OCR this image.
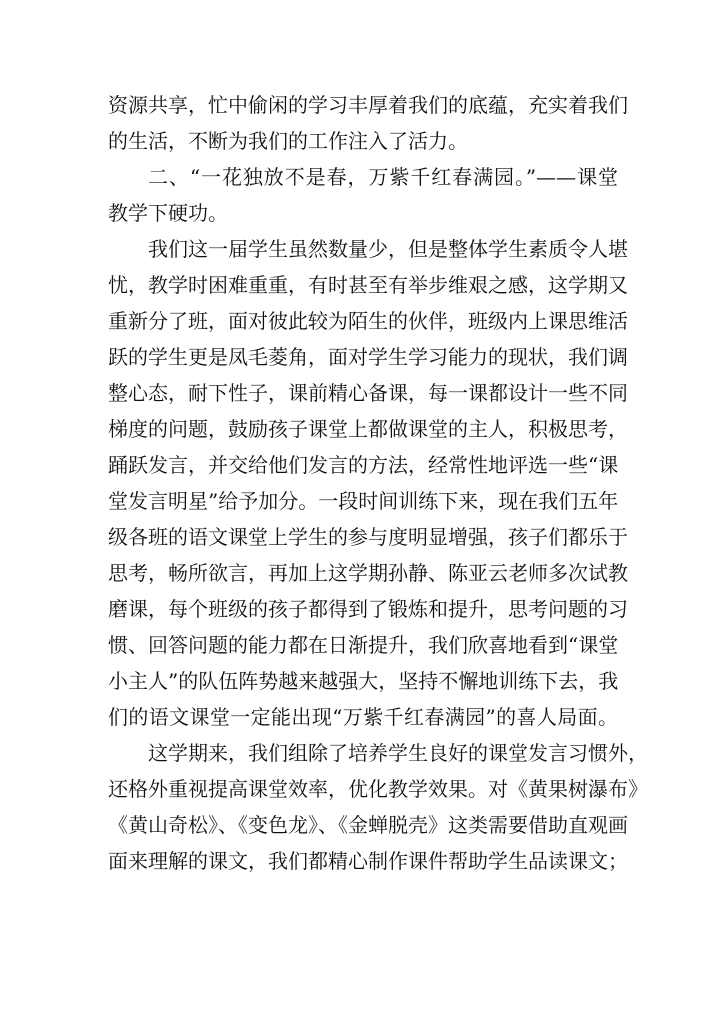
资源共享，忙中偷闲的学习丰厚着我们的底蕴，充实着我们
的生活，不断为我们的工作注入了活力。
二、“一花独放不是春，万紫千红春满园。”——课堂
教学下硬功。
我们这一届学生虽然数量少，但是整体学生素质令人堪
忧，教学时困难重重，有时甚至有举步维艰之感，这学期又
重新分了班，面对彼此较为陌生的伙伴，班级内上课思维活
跃的学生更是凤毛菱角，面对学生学习能力的现状，我们调
整心态，耐下性子，课前精心备课，每一课都设计一些不同
梯度的问题，鼓励孩子课堂上都做课堂的主人，积极思考，
踊跃发言，并交给他们发言的方法，经常性地评选一些“课
堂发言明星”给予加分。一段时间训练下来，现在我们五年
级各班的语文课堂上学生的参与度明显增强，孩子们都乐于
思考，畅所欲言，再加上这学期孙静、陈亚云老师多次试教
磨课，每个班级的孩子都得到了锻炼和提升，思考问题的习
惯、回答问题的能力都在日渐提升，我们欣喜地看到“课堂
小主人”的队伍阵势越来越强大，坚持不懈地训练下去，我
们的语文课堂一定能出现“万紫千红春满园”的喜人局面。
这学期来，我们组除了培养学生良好的课堂发言习惯外，
还格外重视提高课堂效率，优化教学效果。对《黄果树瀑布》
《黄山奇松》、《变色龙》、《金蝉脱壳》这类需要借助直观画
面来理解的课文，我们都精心制作课件帮助学生品读课文；
